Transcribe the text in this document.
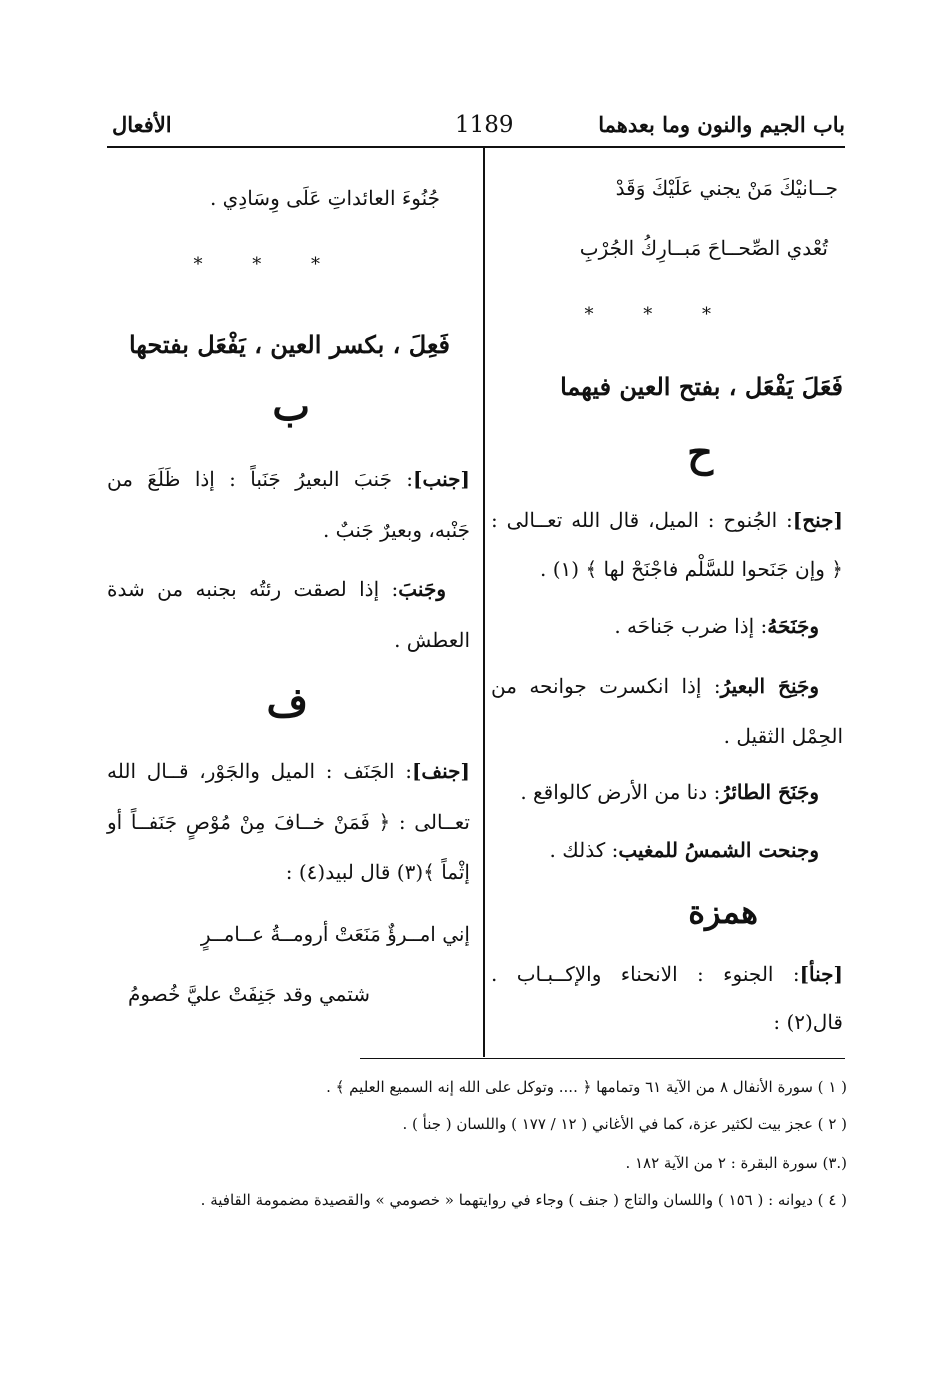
باب الجيم والنون وما بعدهما
1189
الأفعال
جــانيْكَ مَنْ يجني عَلَيْكَ وَقَدْ
تُعْدي الصِّحــاحَ مَبــارِكُ الجُرْبِ
* * *
فَعَلَ يَفْعَل ، بفتح العين فيهما
ح
[جنح]: الجُنوح : الميل، قال الله تعــالى :
﴿ وإن جَنَحوا للسَّلْم فاجْنَحْ لها ﴾ (١) .
وجَنَحَهُ: إذا ضرب جَناحَه .
وجَنِحَ البعيرُ: إذا انكسرت جوانحه من
الحِمْل الثقيل .
وجَنَحَ الطائرُ: دنا من الأرض كالواقع .
وجنحت الشمسُ للمغيب: كذلك .
همزة
[جنأ]: الجنوء : الانحناء والإكــبـاب .
قال(٢) :
جُنُوءَ العائداتِ عَلَى وِسَادِي .
* * *
فَعِلَ ، بكسر العين ، يَفْعَل بفتحها
ب
[جنب]: جَنبَ البعيرُ جَنَباً : إذا ظَلَعَ من
جَنْبه، وبعيرٌ جَنبٌ .
وجَنبَ: إذا لصقت رئتُه بجنبه من شدة
العطش .
ف
[جنف]: الجَنَف : الميل والجَوْر، قــال الله
تعــالى : ﴿ فَمَنْ خــافَ مِنْ مُوْصٍ جَنَفــاً أو
إثْماً ﴾(٣) قال لبيد(٤) :
إني امــرؤٌ مَنَعَتْ أرومــةُ عــامــرٍ
شتمي وقد جَنِفَتْ عليَّ خُصومُ
( ١ ) سورة الأنفال ٨ من الآية ٦١ وتمامها ﴿ .... وتوكل على الله إنه السميع العليم ﴾ .
( ٢ ) عجز بيت لكثير عزة، كما في الأغاني ( ١٢ / ١٧٧ ) واللسان ( جنأ ) .
(.٣) سورة البقرة : ٢ من الآية ١٨٢ .
( ٤ ) ديوانه : ( ١٥٦ ) واللسان والتاج ( جنف ) وجاء في روايتهما « خصومي » والقصيدة مضمومة القافية .
